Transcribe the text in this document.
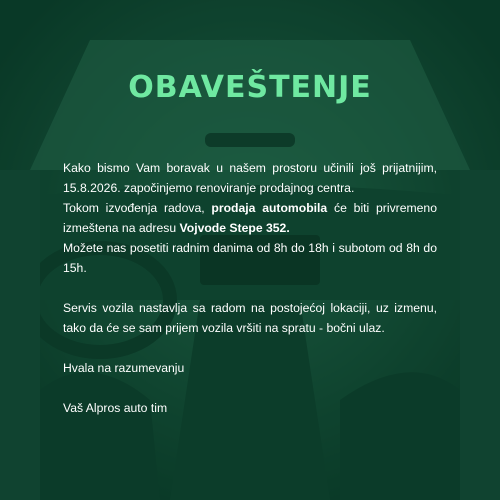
OBAVEŠTENJE

Kako bismo Vam boravak u našem prostoru učinili još prijatnijim, 15.8.2026. započinjemo renoviranje prodajnog centra.
Tokom izvođenja radova, prodaja automobila će biti privremeno izmeštena na adresu Vojvode Stepe 352.
Možete nas posetiti radnim danima od 8h do 18h i subotom od 8h do 15h.

Servis vozila nastavlja sa radom na postojećoj lokaciji, uz izmenu, tako da će se sam prijem vozila vršiti na spratu - bočni ulaz.

Hvala na razumevanju

Vaš Alpros auto tim
